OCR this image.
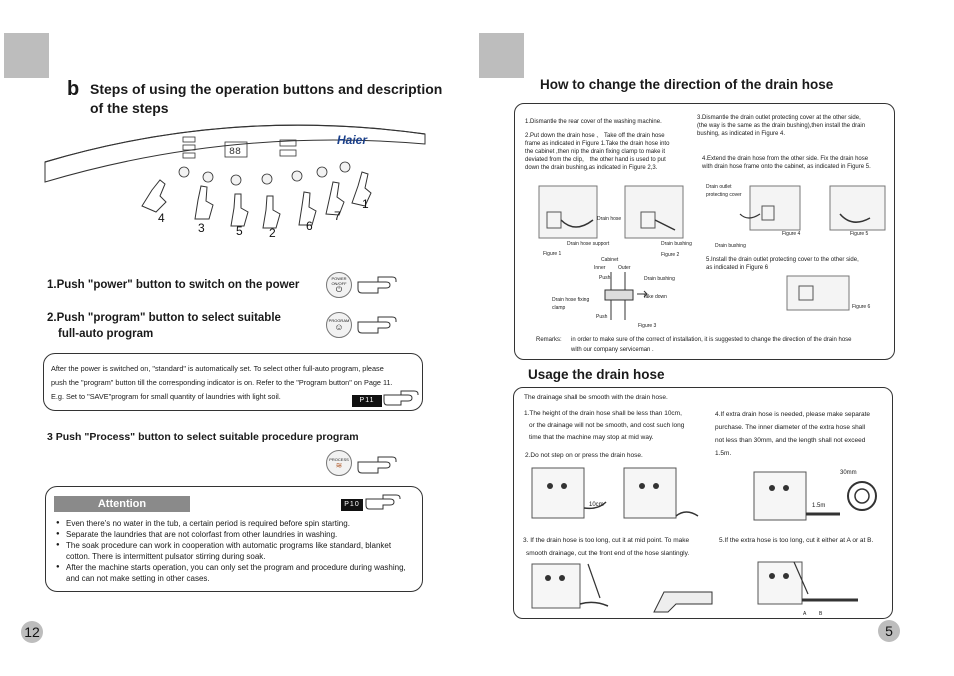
b Steps of using the operation buttons and description
of the steps
88
Haier
4
3	5 2	6
7
1
1.Push "power" button to switch on the power
POWER ON/OFF
⏻
2.Push "program" button to select suitable
full-auto program
PROGRAM
☺
After the power is switched on, "standard" is automatically set. To select other full-auto program, please
push the "program" button till the corresponding indicator is on. Refer to the "Program button" on Page 11.
E.g. Set to "SAVE"program for small quantity of laundries with light soil.	P11
3 Push "Process" button to select suitable procedure program
PROCESS
≋
Attention	P10
● Even there's no water in the tub, a certain period is required before spin starting.
● Separate the laundries that are not colorfast from other laundries in washing.
● The soak procedure can work in cooperation with automatic programs like standard, blanket cotton. There is intermittent pulsator stirring during soak.
● After the machine starts operation, you can only set the program and procedure during washing, and can not make setting in other cases.
12
How to change the direction of the drain hose
1.Dismantle the rear cover of the washing machine.
2.Put down the drain hose 、 Take off the drain hose
frame as indicated in Figure 1.Take the drain hose into
the cabinet ,then nip the drain fixing clamp to make it
deviated from the clip， the other hand is used to put
down the drain bushing,as indicated in Figure 2,3.
3.Dismantle the drain outlet protecting cover at the other side,
(the way is the same as the drain bushing),then install the drain
bushing, as indicated in Figure 4.
4.Extend the drain hose from the other side. Fix the drain hose
with drain hose frame onto the cabinet, as indicated in Figure 5.
5.Install the drain outlet protecting cover to the other side,
as indicated in Figure 6
Drain hose
Drain hose support	Drain bushing
Figure 1	Figure 2
Cabinet
Inner	Outer
Push	Drain bushing
Drain hose fixing
clamp
Take down
Push
Figure 3
Drain outlet
protecting cover
Figure 4
Drain bushing
Figure 5
Figure 6
Remarks: in order to make sure of the correct of installation, it is suggested to change the direction of the drain hose
with our company serviceman .
Usage the drain hose
The drainage shall be smooth with the drain hose.
1.The height of the drain hose shall be less than 10cm,
or the drainage will not be smooth, and cost such long
time that the machine may stop at mid way.
2.Do not step on or press the drain hose.
4.If extra drain hose is needed, please make separate
purchase. The inner diameter of the extra hose shall
not less than 30mm, and the length shall not exceed
1.5m.
10cm
30mm
1.5m
3. If the drain hose is too long, cut it at mid point. To make
smooth drainage, cut the front end of the hose slantingly.
5.If the extra hose is too long, cut it either at A or at B.
A	B
5
